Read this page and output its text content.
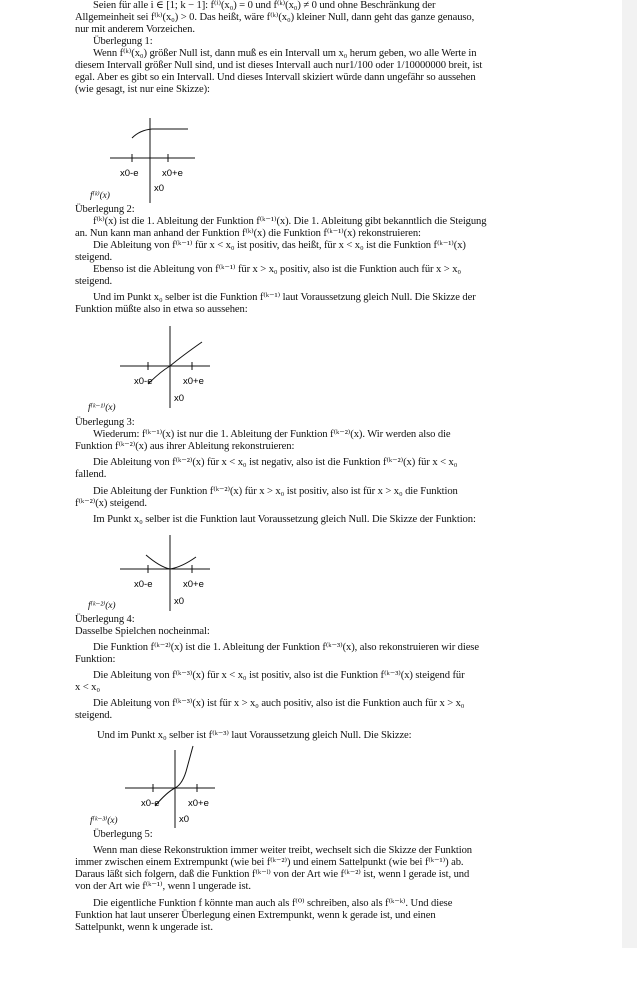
Seien für alle i ∈ [1; k − 1]: f⁽ⁱ⁾(x₀) = 0 und f⁽ᵏ⁾(x₀) ≠ 0 und ohne Beschränkung der
Allgemeinheit sei f⁽ᵏ⁾(x₀) > 0. Das heißt, wäre f⁽ᵏ⁾(x₀) kleiner Null, dann geht das ganze genauso,
nur mit anderem Vorzeichen.
Überlegung 1:
Wenn f⁽ᵏ⁾(x₀) größer Null ist, dann muß es ein Intervall um x₀ herum geben, wo alle Werte in
diesem Intervall größer Null sind, und ist dieses Intervall auch nur1/100 oder 1/10000000 breit, ist
egal. Aber es gibt so ein Intervall. Und dieses Intervall skiziert würde dann ungefähr so aussehen
(wie gesagt, ist nur eine Skizze):
x0-e x0+e
x0
f⁽ᵏ⁾(x)
Überlegung 2:
f⁽ᵏ⁾(x) ist die 1. Ableitung der Funktion f⁽ᵏ⁻¹⁾(x). Die 1. Ableitung gibt bekanntlich die Steigung
an. Nun kann man anhand der Funktion f⁽ᵏ⁾(x) die Funktion f⁽ᵏ⁻¹⁾(x) rekonstruieren:
Die Ableitung von f⁽ᵏ⁻¹⁾ für x < x₀ ist positiv, das heißt, für x < x₀ ist die Funktion f⁽ᵏ⁻¹⁾(x)
steigend.
Ebenso ist die Ableitung von f⁽ᵏ⁻¹⁾ für x > x₀ positiv, also ist die Funktion auch für x > x₀
steigend.
Und im Punkt x₀ selber ist die Funktion f⁽ᵏ⁻¹⁾ laut Voraussetzung gleich Null. Die Skizze der
Funktion müßte also in etwa so aussehen:
x0-e	x0+e
x0
f⁽ᵏ⁻¹⁾(x)
Überlegung 3:
Wiederum: f⁽ᵏ⁻¹⁾(x) ist nur die 1. Ableitung der Funktion f⁽ᵏ⁻²⁾(x). Wir werden also die
Funktion f⁽ᵏ⁻²⁾(x) aus ihrer Ableitung rekonstruieren:
Die Ableitung von f⁽ᵏ⁻²⁾(x) für x < x₀ ist negativ, also ist die Funktion f⁽ᵏ⁻²⁾(x) für x < x₀
fallend.
Die Ableitung der Funktion f⁽ᵏ⁻²⁾(x) für x > x₀ ist positiv, also ist für x > x₀ die Funktion
f⁽ᵏ⁻²⁾(x) steigend.
Im Punkt x₀ selber ist die Funktion laut Voraussetzung gleich Null. Die Skizze der Funktion:
x0-e	x0+e
x0
f⁽ᵏ⁻²⁾(x)
Überlegung 4:
Dasselbe Spielchen nocheinmal:
Die Funktion f⁽ᵏ⁻²⁾(x) ist die 1. Ableitung der Funktion f⁽ᵏ⁻³⁾(x), also rekonstruieren wir diese
Funktion:
Die Ableitung von f⁽ᵏ⁻³⁾(x) für x < x₀ ist positiv, also ist die Funktion f⁽ᵏ⁻³⁾(x) steigend für
x < x₀
Die Ableitung von f⁽ᵏ⁻³⁾(x) ist für x > x₀ auch positiv, also ist die Funktion auch für x > x₀
steigend.
Und im Punkt x₀ selber ist f⁽ᵏ⁻³⁾ laut Voraussetzung gleich Null. Die Skizze:
x0-e	x0+e
x0
f⁽ᵏ⁻³⁾(x)
Überlegung 5:
Wenn man diese Rekonstruktion immer weiter treibt, wechselt sich die Skizze der Funktion
immer zwischen einem Extrempunkt (wie bei f⁽ᵏ⁻²⁾) und einem Sattelpunkt (wie bei f⁽ᵏ⁻¹⁾) ab.
Daraus läßt sich folgern, daß die Funktion f⁽ᵏ⁻ˡ⁾ von der Art wie f⁽ᵏ⁻²⁾ ist, wenn l gerade ist, und
von der Art wie f⁽ᵏ⁻¹⁾, wenn l ungerade ist.
Die eigentliche Funktion f könnte man auch als f⁽⁰⁾ schreiben, also als f⁽ᵏ⁻ᵏ⁾. Und diese
Funktion hat laut unserer Überlegung einen Extrempunkt, wenn k gerade ist, und einen
Sattelpunkt, wenn k ungerade ist.
